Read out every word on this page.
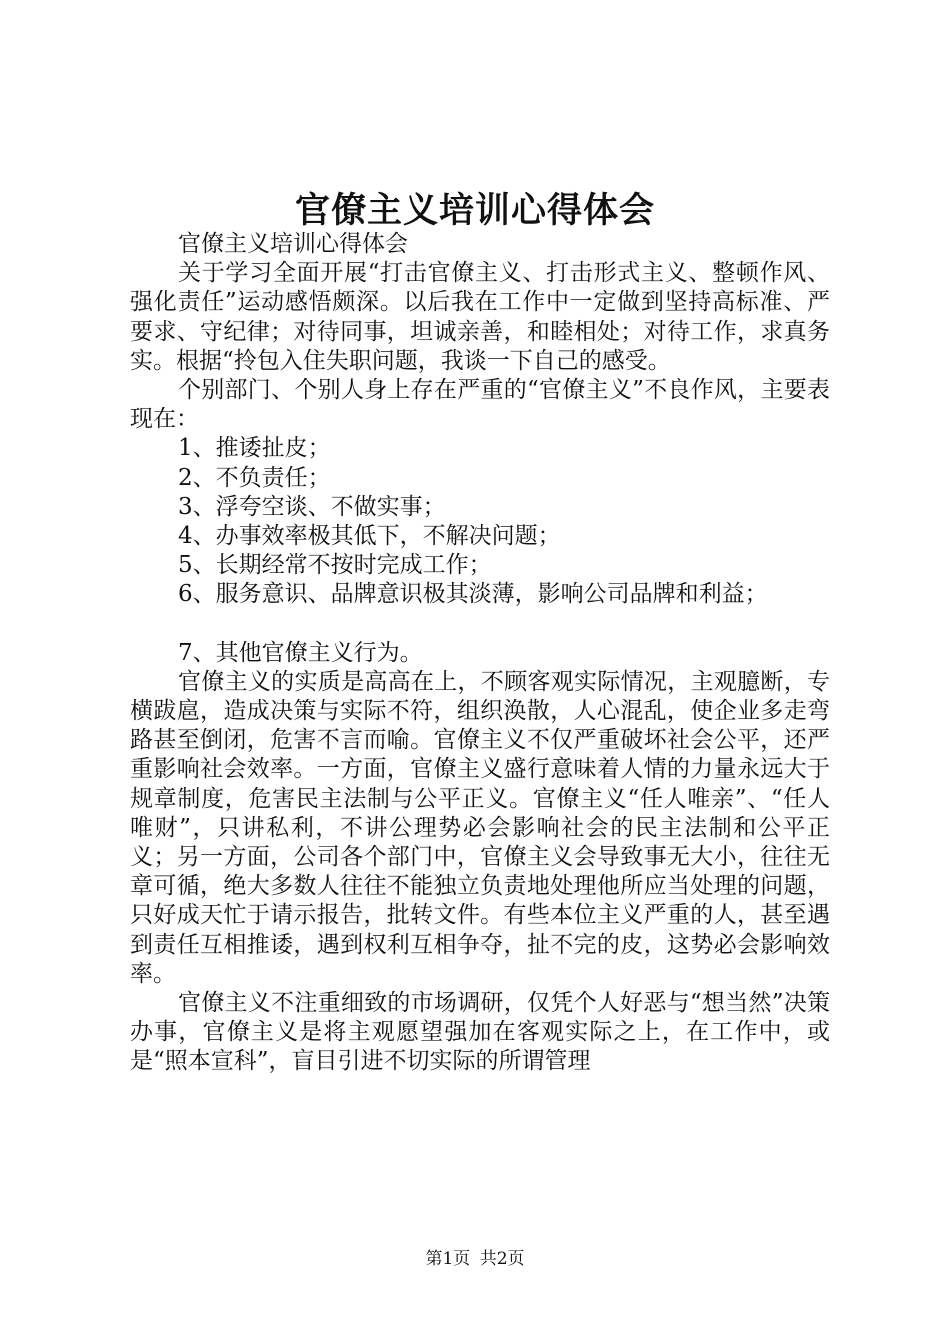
官僚主义培训心得体会

官僚主义培训心得体会

关于学习全面开展“打击官僚主义、打击形式主义、整顿作风、强化责任”运动感悟颇深。以后我在工作中一定做到坚持高标准、严要求、守纪律；对待同事，坦诚亲善，和睦相处；对待工作，求真务实。根据“拎包入住失职问题，我谈一下自己的感受。

个别部门、个别人身上存在严重的“官僚主义”不良作风，主要表现在：

1、推诿扯皮；

2、不负责任；

3、浮夸空谈、不做实事；

4、办事效率极其低下，不解决问题；

5、长期经常不按时完成工作；

6、服务意识、品牌意识极其淡薄，影响公司品牌和利益；

7、其他官僚主义行为。

官僚主义的实质是高高在上，不顾客观实际情况，主观臆断，专横跋扈，造成决策与实际不符，组织涣散，人心混乱，使企业多走弯路甚至倒闭，危害不言而喻。官僚主义不仅严重破坏社会公平，还严重影响社会效率。一方面，官僚主义盛行意味着人情的力量永远大于规章制度，危害民主法制与公平正义。官僚主义“任人唯亲”、“任人唯财”，只讲私利，不讲公理势必会影响社会的民主法制和公平正义；另一方面，公司各个部门中，官僚主义会导致事无大小，往往无章可循，绝大多数人往往不能独立负责地处理他所应当处理的问题，只好成天忙于请示报告，批转文件。有些本位主义严重的人，甚至遇到责任互相推诿，遇到权利互相争夺，扯不完的皮，这势必会影响效率。

官僚主义不注重细致的市场调研，仅凭个人好恶与“想当然”决策办事，官僚主义是将主观愿望强加在客观实际之上，在工作中，或是“照本宣科”，盲目引进不切实际的所谓管理

第1页 共2页
